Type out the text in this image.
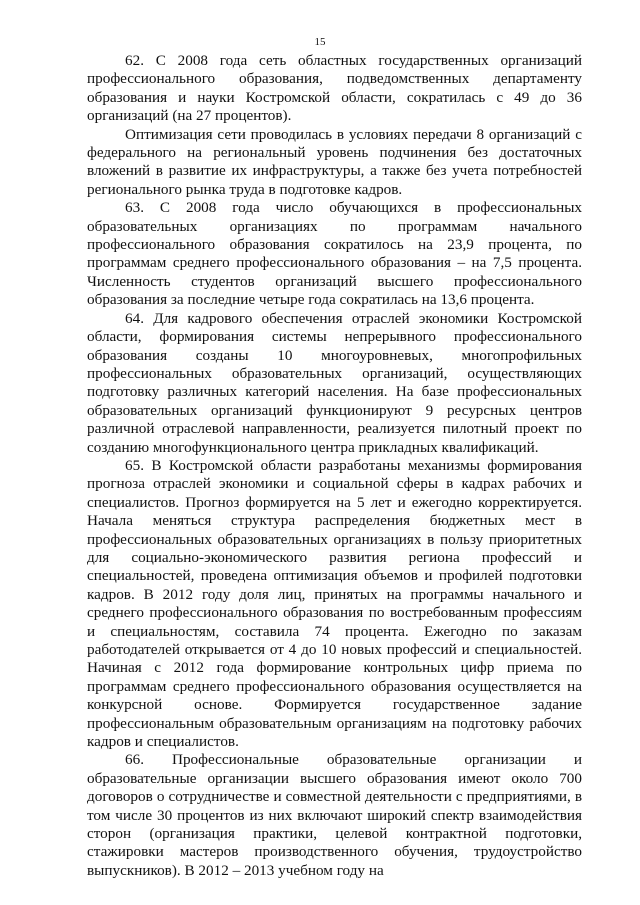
15

62. С 2008 года сеть областных государственных организаций профессионального образования, подведомственных департаменту образования и науки Костромской области, сократилась с 49 до 36 организаций (на 27 процентов).

Оптимизация сети проводилась в условиях передачи 8 организаций с федерального на региональный уровень подчинения без достаточных вложений в развитие их инфраструктуры, а также без учета потребностей регионального рынка труда в подготовке кадров.

63. С 2008 года число обучающихся в профессиональных образовательных организациях по программам начального профессионального образования сократилось на 23,9 процента, по программам среднего профессионального образования – на 7,5 процента. Численность студентов организаций высшего профессионального образования за последние четыре года сократилась на 13,6 процента.

64. Для кадрового обеспечения отраслей экономики Костромской области, формирования системы непрерывного профессионального образования созданы 10 многоуровневых, многопрофильных профессиональных образовательных организаций, осуществляющих подготовку различных категорий населения. На базе профессиональных образовательных организаций функционируют 9 ресурсных центров различной отраслевой направленности, реализуется пилотный проект по созданию многофункционального центра прикладных квалификаций.

65. В Костромской области разработаны механизмы формирования прогноза отраслей экономики и социальной сферы в кадрах рабочих и специалистов. Прогноз формируется на 5 лет и ежегодно корректируется. Начала меняться структура распределения бюджетных мест в профессиональных образовательных организациях в пользу приоритетных для социально-экономического развития региона профессий и специальностей, проведена оптимизация объемов и профилей подготовки кадров. В 2012 году доля лиц, принятых на программы начального и среднего профессионального образования по востребованным профессиям и специальностям, составила 74 процента. Ежегодно по заказам работодателей открывается от 4 до 10 новых профессий и специальностей. Начиная с 2012 года формирование контрольных цифр приема по программам среднего профессионального образования осуществляется на конкурсной основе. Формируется государственное задание профессиональным образовательным организациям на подготовку рабочих кадров и специалистов.

66. Профессиональные образовательные организации и образовательные организации высшего образования имеют около 700 договоров о сотрудничестве и совместной деятельности с предприятиями, в том числе 30 процентов из них включают широкий спектр взаимодействия сторон (организация практики, целевой контрактной подготовки, стажировки мастеров производственного обучения, трудоустройство выпускников). В 2012 – 2013 учебном году на
